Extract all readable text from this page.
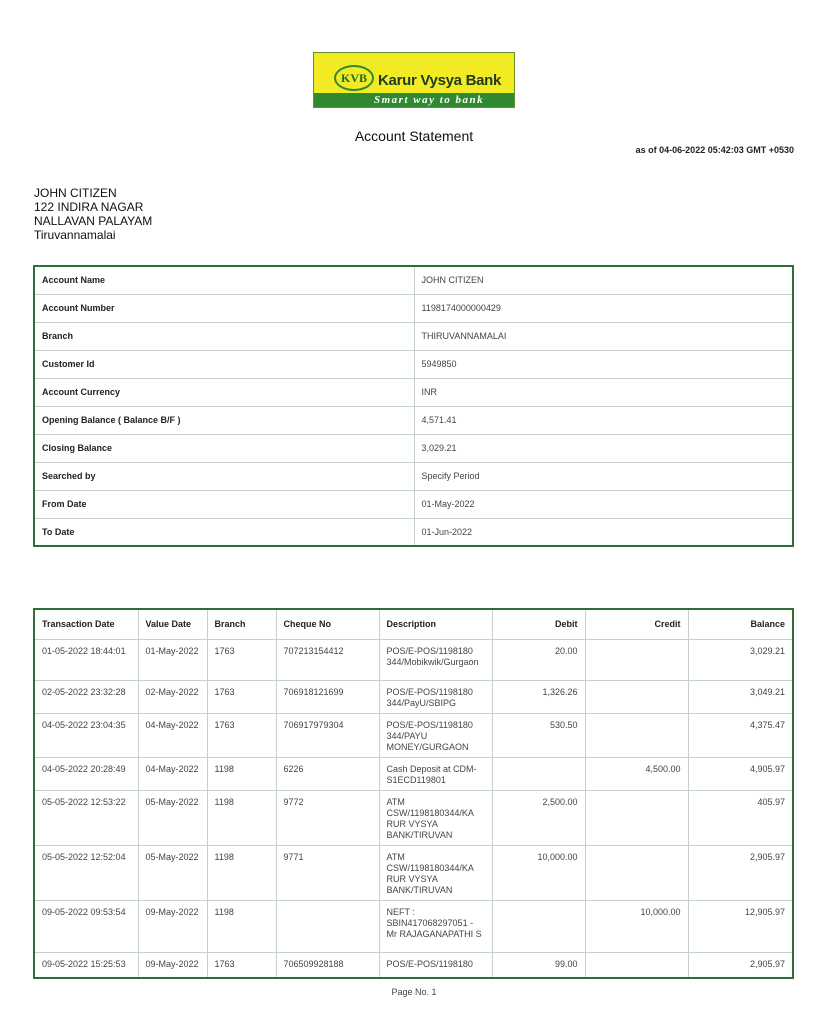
KVB Karur Vysya Bank
Smart way to bank
Account Statement
as of 04-06-2022 05:42:03 GMT +0530
JOHN CITIZEN
122 INDIRA NAGAR
NALLAVAN PALAYAM
Tiruvannamalai
Account Name	JOHN CITIZEN
Account Number	1198174000000429
Branch	THIRUVANNAMALAI
Customer Id	5949850
Account Currency	INR
Opening Balance ( Balance B/F )	4,571.41
Closing Balance	3,029.21
Searched by	Specify Period
From Date	01-May-2022
To Date	01-Jun-2022
Transaction Date	Value Date	Branch	Cheque No	Description	Debit	Credit	Balance
01-05-2022 18:44:01	01-May-2022	1763	707213154412	POS/E-POS/1198180 344/Mobikwik/Gurgaon	20.00		3,029.21
02-05-2022 23:32:28	02-May-2022	1763	706918121699	POS/E-POS/1198180 344/PayU/SBIPG	1,326.26		3,049.21
04-05-2022 23:04:35	04-May-2022	1763	706917979304	POS/E-POS/1198180 344/PAYU MONEY/GURGAON	530.50		4,375.47
04-05-2022 20:28:49	04-May-2022	1198	6226	Cash Deposit at CDM-S1ECD119801		4,500.00	4,905.97
05-05-2022 12:53:22	05-May-2022	1198	9772	ATM CSW/1198180344/KA RUR VYSYA BANK/TIRUVAN	2,500.00		405.97
05-05-2022 12:52:04	05-May-2022	1198	9771	ATM CSW/1198180344/KA RUR VYSYA BANK/TIRUVAN	10,000.00		2,905.97
09-05-2022 09:53:54	09-May-2022	1198		NEFT : SBIN417068297051 - Mr RAJAGANAPATHI S		10,000.00	12,905.97
09-05-2022 15:25:53	09-May-2022	1763	706509928188	POS/E-POS/1198180	99.00		2,905.97
Page No. 1
